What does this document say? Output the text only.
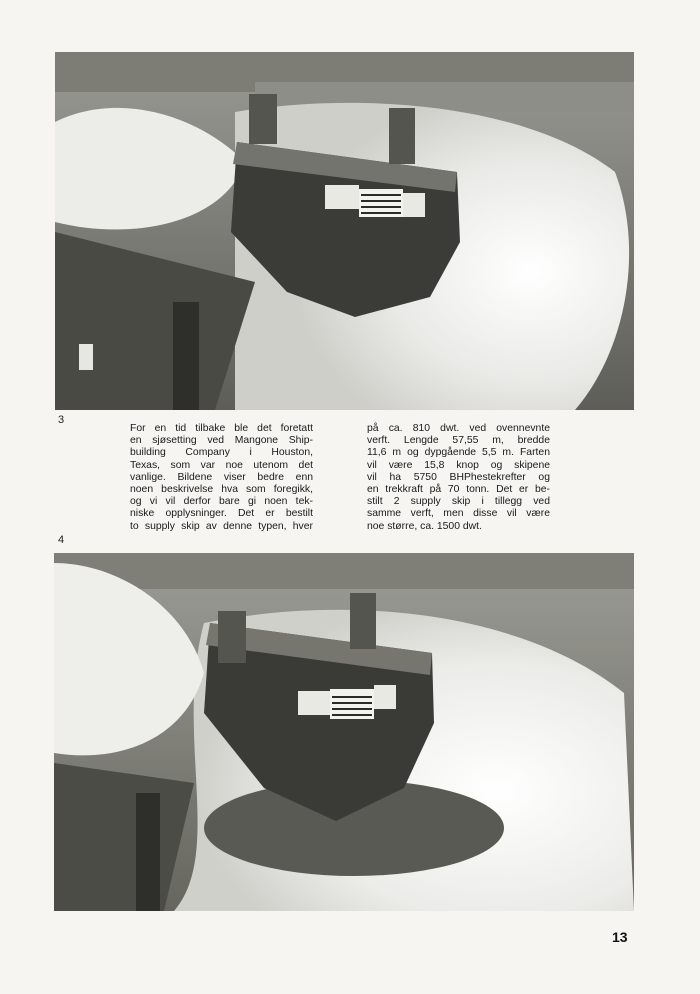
3
For en tid tilbake ble det foretatt
en sjøsetting ved Mangone Ship-
building Company i Houston,
Texas, som var noe utenom det
vanlige. Bildene viser bedre enn
noen beskrivelse hva som foregikk,
og vi vil derfor bare gi noen tek-
niske opplysninger. Det er bestilt
to supply skip av denne typen, hver
på ca. 810 dwt. ved ovennevnte
verft. Lengde 57,55 m, bredde
11,6 m og dypgående 5,5 m. Farten
vil være 15,8 knop og skipene
vil ha 5750 BHPhestekrefter og
en trekkraft på 70 tonn. Det er be-
stilt 2 supply skip i tillegg ved
samme verft, men disse vil være
noe større, ca. 1500 dwt.
4
13
